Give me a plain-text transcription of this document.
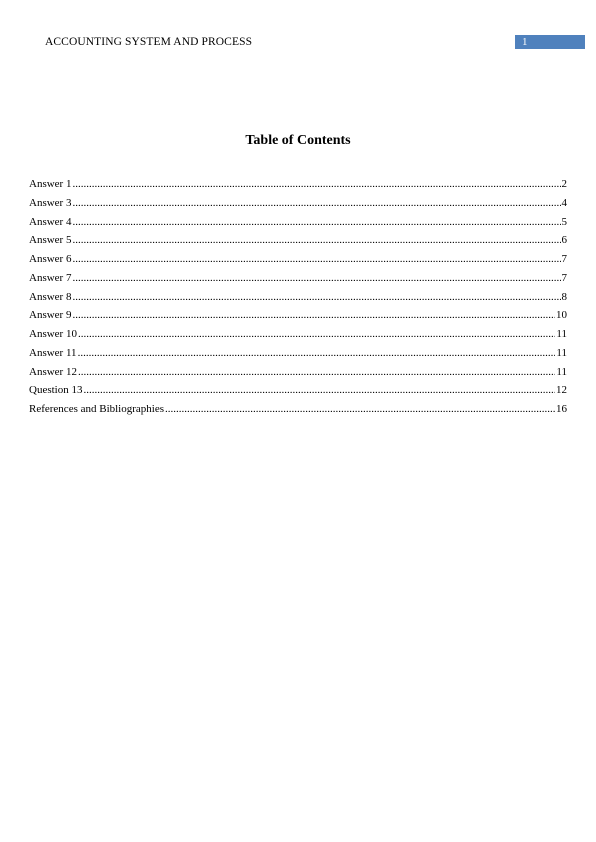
ACCOUNTING SYSTEM AND PROCESS	1
Table of Contents
Answer 1 .....	2
Answer 3 .....	4
Answer 4 .....	5
Answer 5 .....	6
Answer 6 .....	7
Answer 7 .....	7
Answer 8 .....	8
Answer 9 .....	10
Answer 10 .....	11
Answer 11 .....	11
Answer 12 .....	11
Question 13 .....	12
References and Bibliographies .....	16
